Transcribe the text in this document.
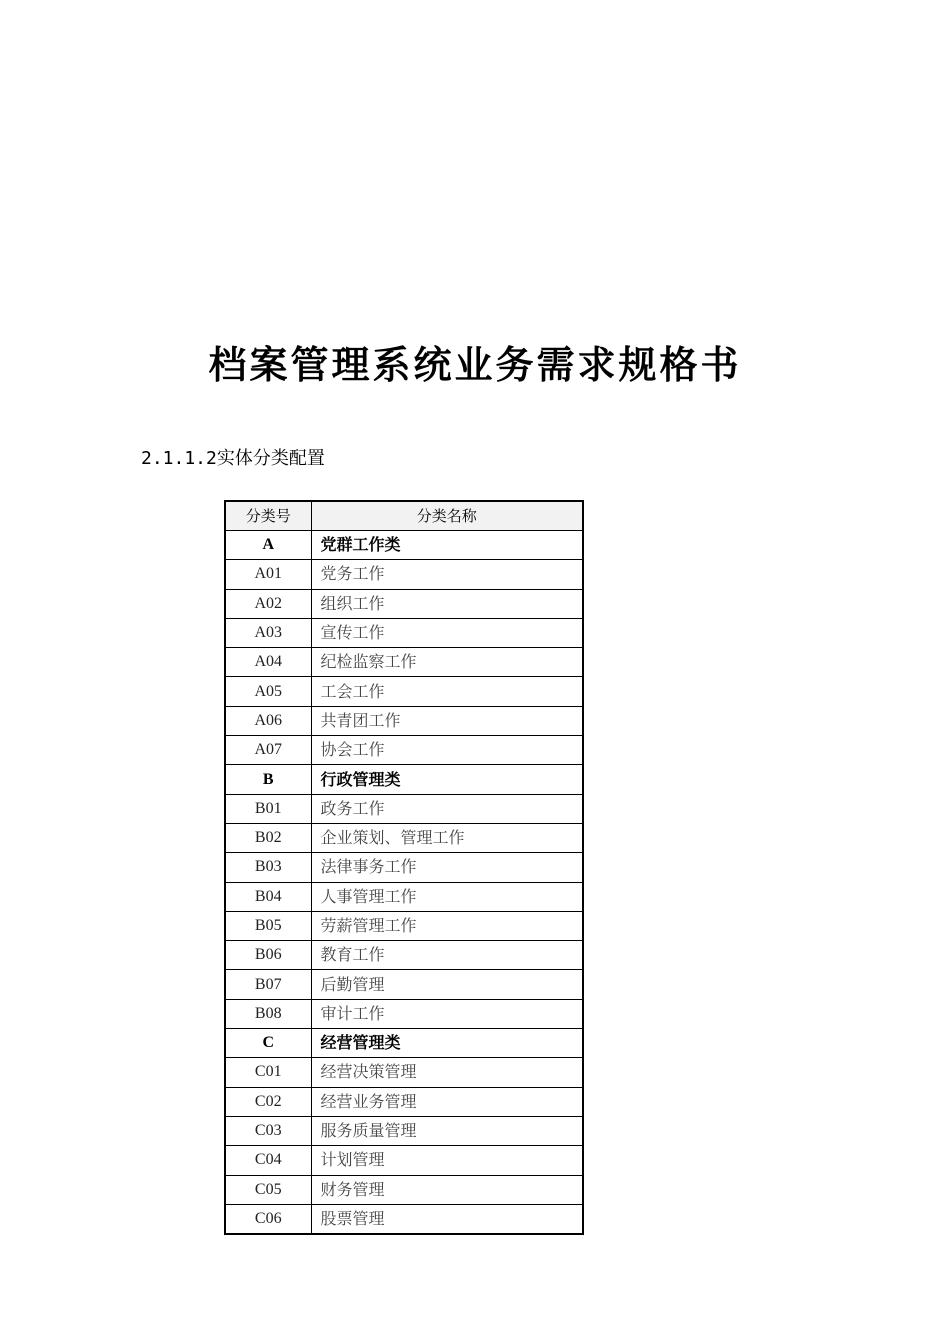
档案管理系统业务需求规格书
2.1.1.2实体分类配置
分类号	分类名称
A	党群工作类
A01	党务工作
A02	组织工作
A03	宣传工作
A04	纪检监察工作
A05	工会工作
A06	共青团工作
A07	协会工作
B	行政管理类
B01	政务工作
B02	企业策划、管理工作
B03	法律事务工作
B04	人事管理工作
B05	劳薪管理工作
B06	教育工作
B07	后勤管理
B08	审计工作
C	经营管理类
C01	经营决策管理
C02	经营业务管理
C03	服务质量管理
C04	计划管理
C05	财务管理
C06	股票管理
